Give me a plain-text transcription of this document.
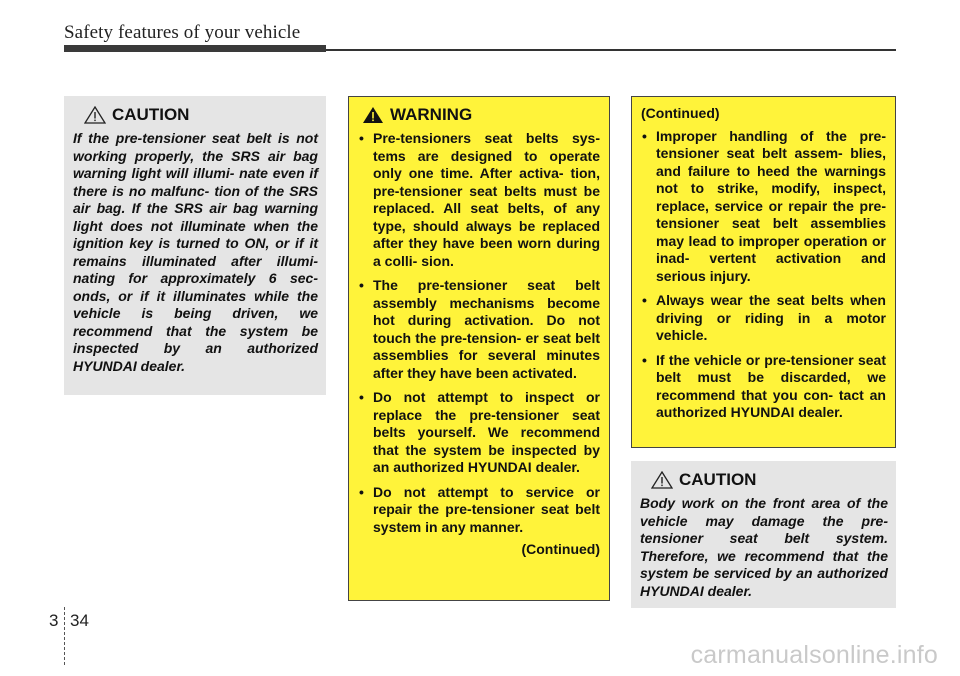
Safety features of your vehicle
CAUTION

If the pre-tensioner seat belt is not working properly, the SRS air bag warning light will illumi- nate even if there is no malfunc- tion of the SRS air bag. If the SRS air bag warning light does not illuminate when the ignition key is turned to ON, or if it remains illuminated after illumi- nating for approximately 6 sec- onds, or if it illuminates while the vehicle is being driven, we recommend that the system be inspected by an authorized HYUNDAI dealer.

WARNING
• Pre-tensioners seat belts sys- tems are designed to operate only one time. After activa- tion, pre-tensioner seat belts must be replaced. All seat belts, of any type, should always be replaced after they have been worn during a colli- sion.
• The pre-tensioner seat belt assembly mechanisms become hot during activation. Do not touch the pre-tension- er seat belt assemblies for several minutes after they have been activated.
• Do not attempt to inspect or replace the pre-tensioner seat belts yourself. We recommend that the system be inspected by an authorized HYUNDAI dealer.
• Do not attempt to service or repair the pre-tensioner seat belt system in any manner.
(Continued)

(Continued)

• Improper handling of the pre- tensioner seat belt assem- blies, and failure to heed the warnings not to strike, modify, inspect, replace, service or repair the pre-tensioner seat belt assemblies may lead to improper operation or inad- vertent activation and serious injury.
• Always wear the seat belts when driving or riding in a motor vehicle.
• If the vehicle or pre-tensioner seat belt must be discarded, we recommend that you con- tact an authorized HYUNDAI dealer.
CAUTION

Body work on the front area of the vehicle may damage the pre- tensioner seat belt system. Therefore, we recommend that the system be serviced by an authorized HYUNDAI dealer.

3 34
carmanualsonline.info
